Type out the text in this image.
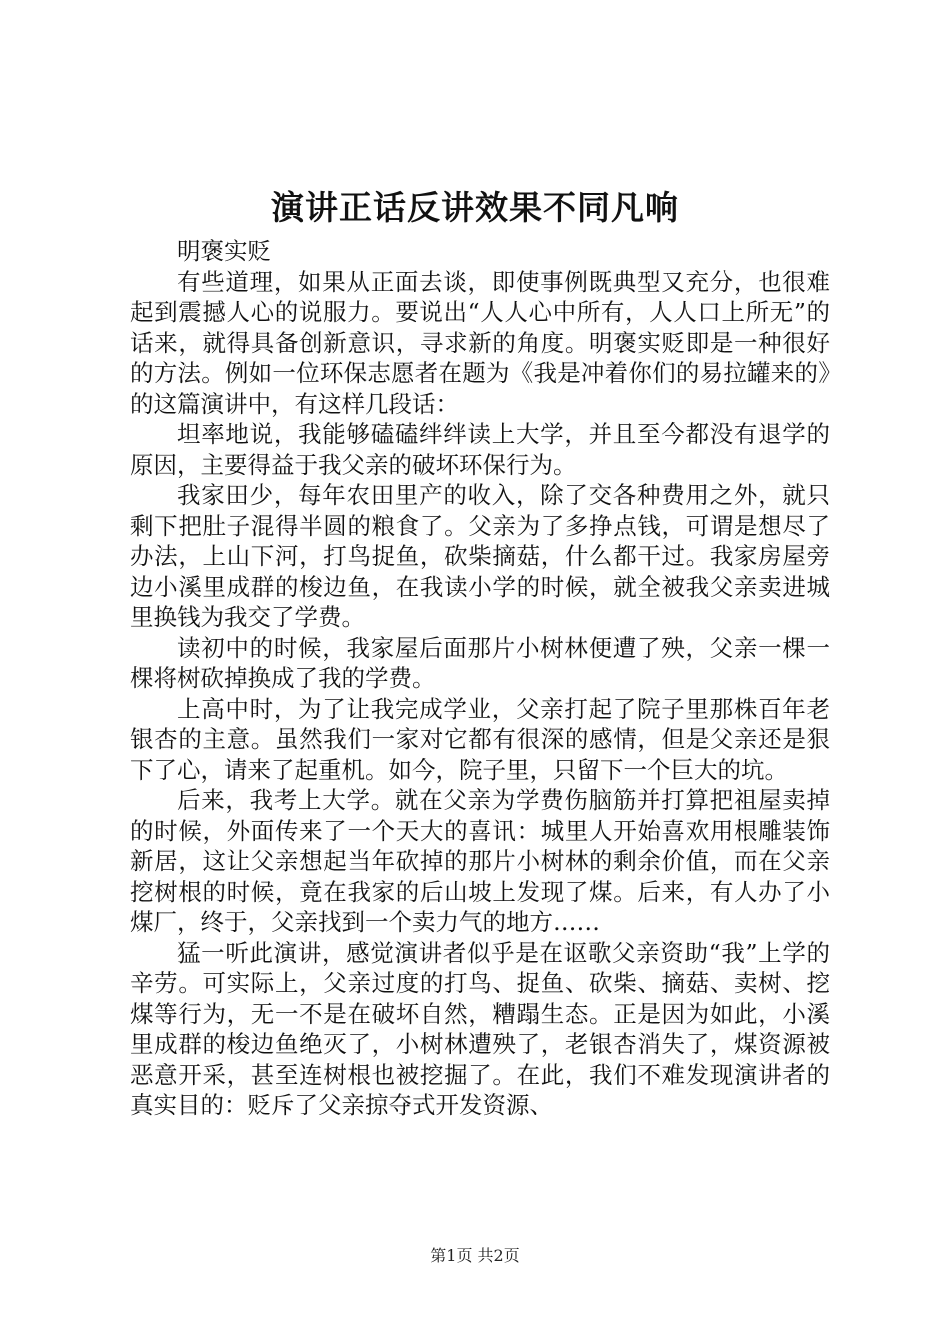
演讲正话反讲效果不同凡响

明褒实贬

有些道理，如果从正面去谈，即使事例既典型又充分，也很难起到震撼人心的说服力。要说出“人人心中所有，人人口上所无”的话来，就得具备创新意识，寻求新的角度。明褒实贬即是一种很好的方法。例如一位环保志愿者在题为《我是冲着你们的易拉罐来的》的这篇演讲中，有这样几段话：

坦率地说，我能够磕磕绊绊读上大学，并且至今都没有退学的原因，主要得益于我父亲的破坏环保行为。

我家田少，每年农田里产的收入，除了交各种费用之外，就只剩下把肚子混得半圆的粮食了。父亲为了多挣点钱，可谓是想尽了办法，上山下河，打鸟捉鱼，砍柴摘菇，什么都干过。我家房屋旁边小溪里成群的梭边鱼，在我读小学的时候，就全被我父亲卖进城里换钱为我交了学费。

读初中的时候，我家屋后面那片小树林便遭了殃，父亲一棵一棵将树砍掉换成了我的学费。

上高中时，为了让我完成学业，父亲打起了院子里那株百年老银杏的主意。虽然我们一家对它都有很深的感情，但是父亲还是狠下了心，请来了起重机。如今，院子里，只留下一个巨大的坑。

后来，我考上大学。就在父亲为学费伤脑筋并打算把祖屋卖掉的时候，外面传来了一个天大的喜讯：城里人开始喜欢用根雕装饰新居，这让父亲想起当年砍掉的那片小树林的剩余价值，而在父亲挖树根的时候，竟在我家的后山坡上发现了煤。后来，有人办了小煤厂，终于，父亲找到一个卖力气的地方……

猛一听此演讲，感觉演讲者似乎是在讴歌父亲资助“我”上学的辛劳。可实际上，父亲过度的打鸟、捉鱼、砍柴、摘菇、卖树、挖煤等行为，无一不是在破坏自然，糟蹋生态。正是因为如此，小溪里成群的梭边鱼绝灭了，小树林遭殃了，老银杏消失了，煤资源被恶意开采，甚至连树根也被挖掘了。在此，我们不难发现演讲者的真实目的：贬斥了父亲掠夺式开发资源、

第1页 共2页
